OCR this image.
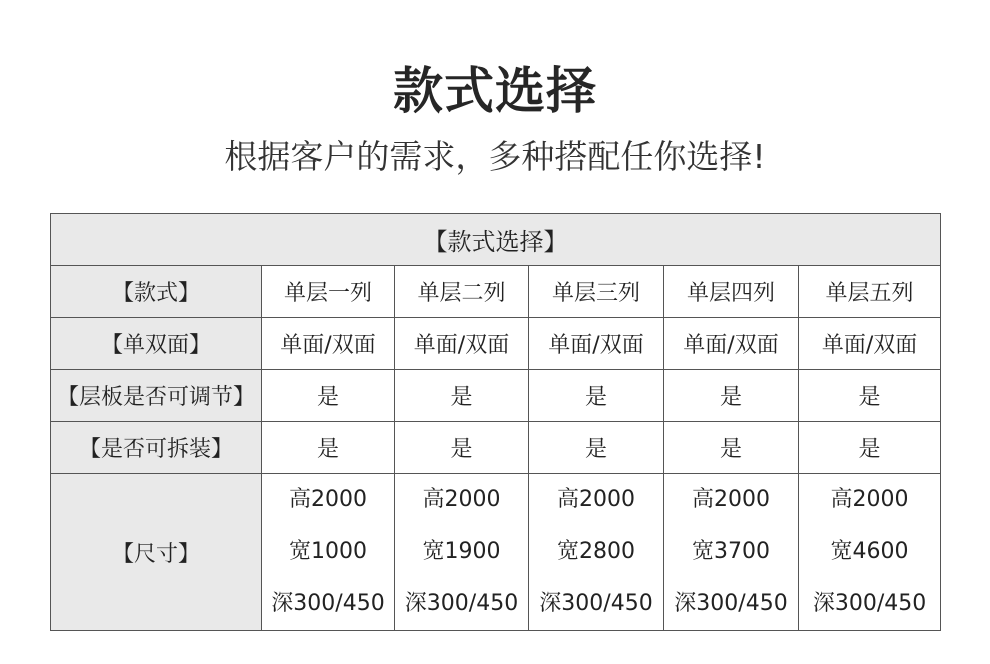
款式选择
根据客户的需求，多种搭配任你选择!
【款式选择】					
【款式】	单层一列	单层二列	单层三列	单层四列	单层五列
【单双面】	单面/双面	单面/双面	单面/双面	单面/双面	单面/双面
【层板是否可调节】	是	是	是	是	是
【是否可拆装】	是	是	是	是	是
【尺寸】	高2000
宽1000
深300/450	高2000
宽1900
深300/450	高2000
宽2800
深300/450	高2000
宽3700
深300/450	高2000
宽4600
深300/450
